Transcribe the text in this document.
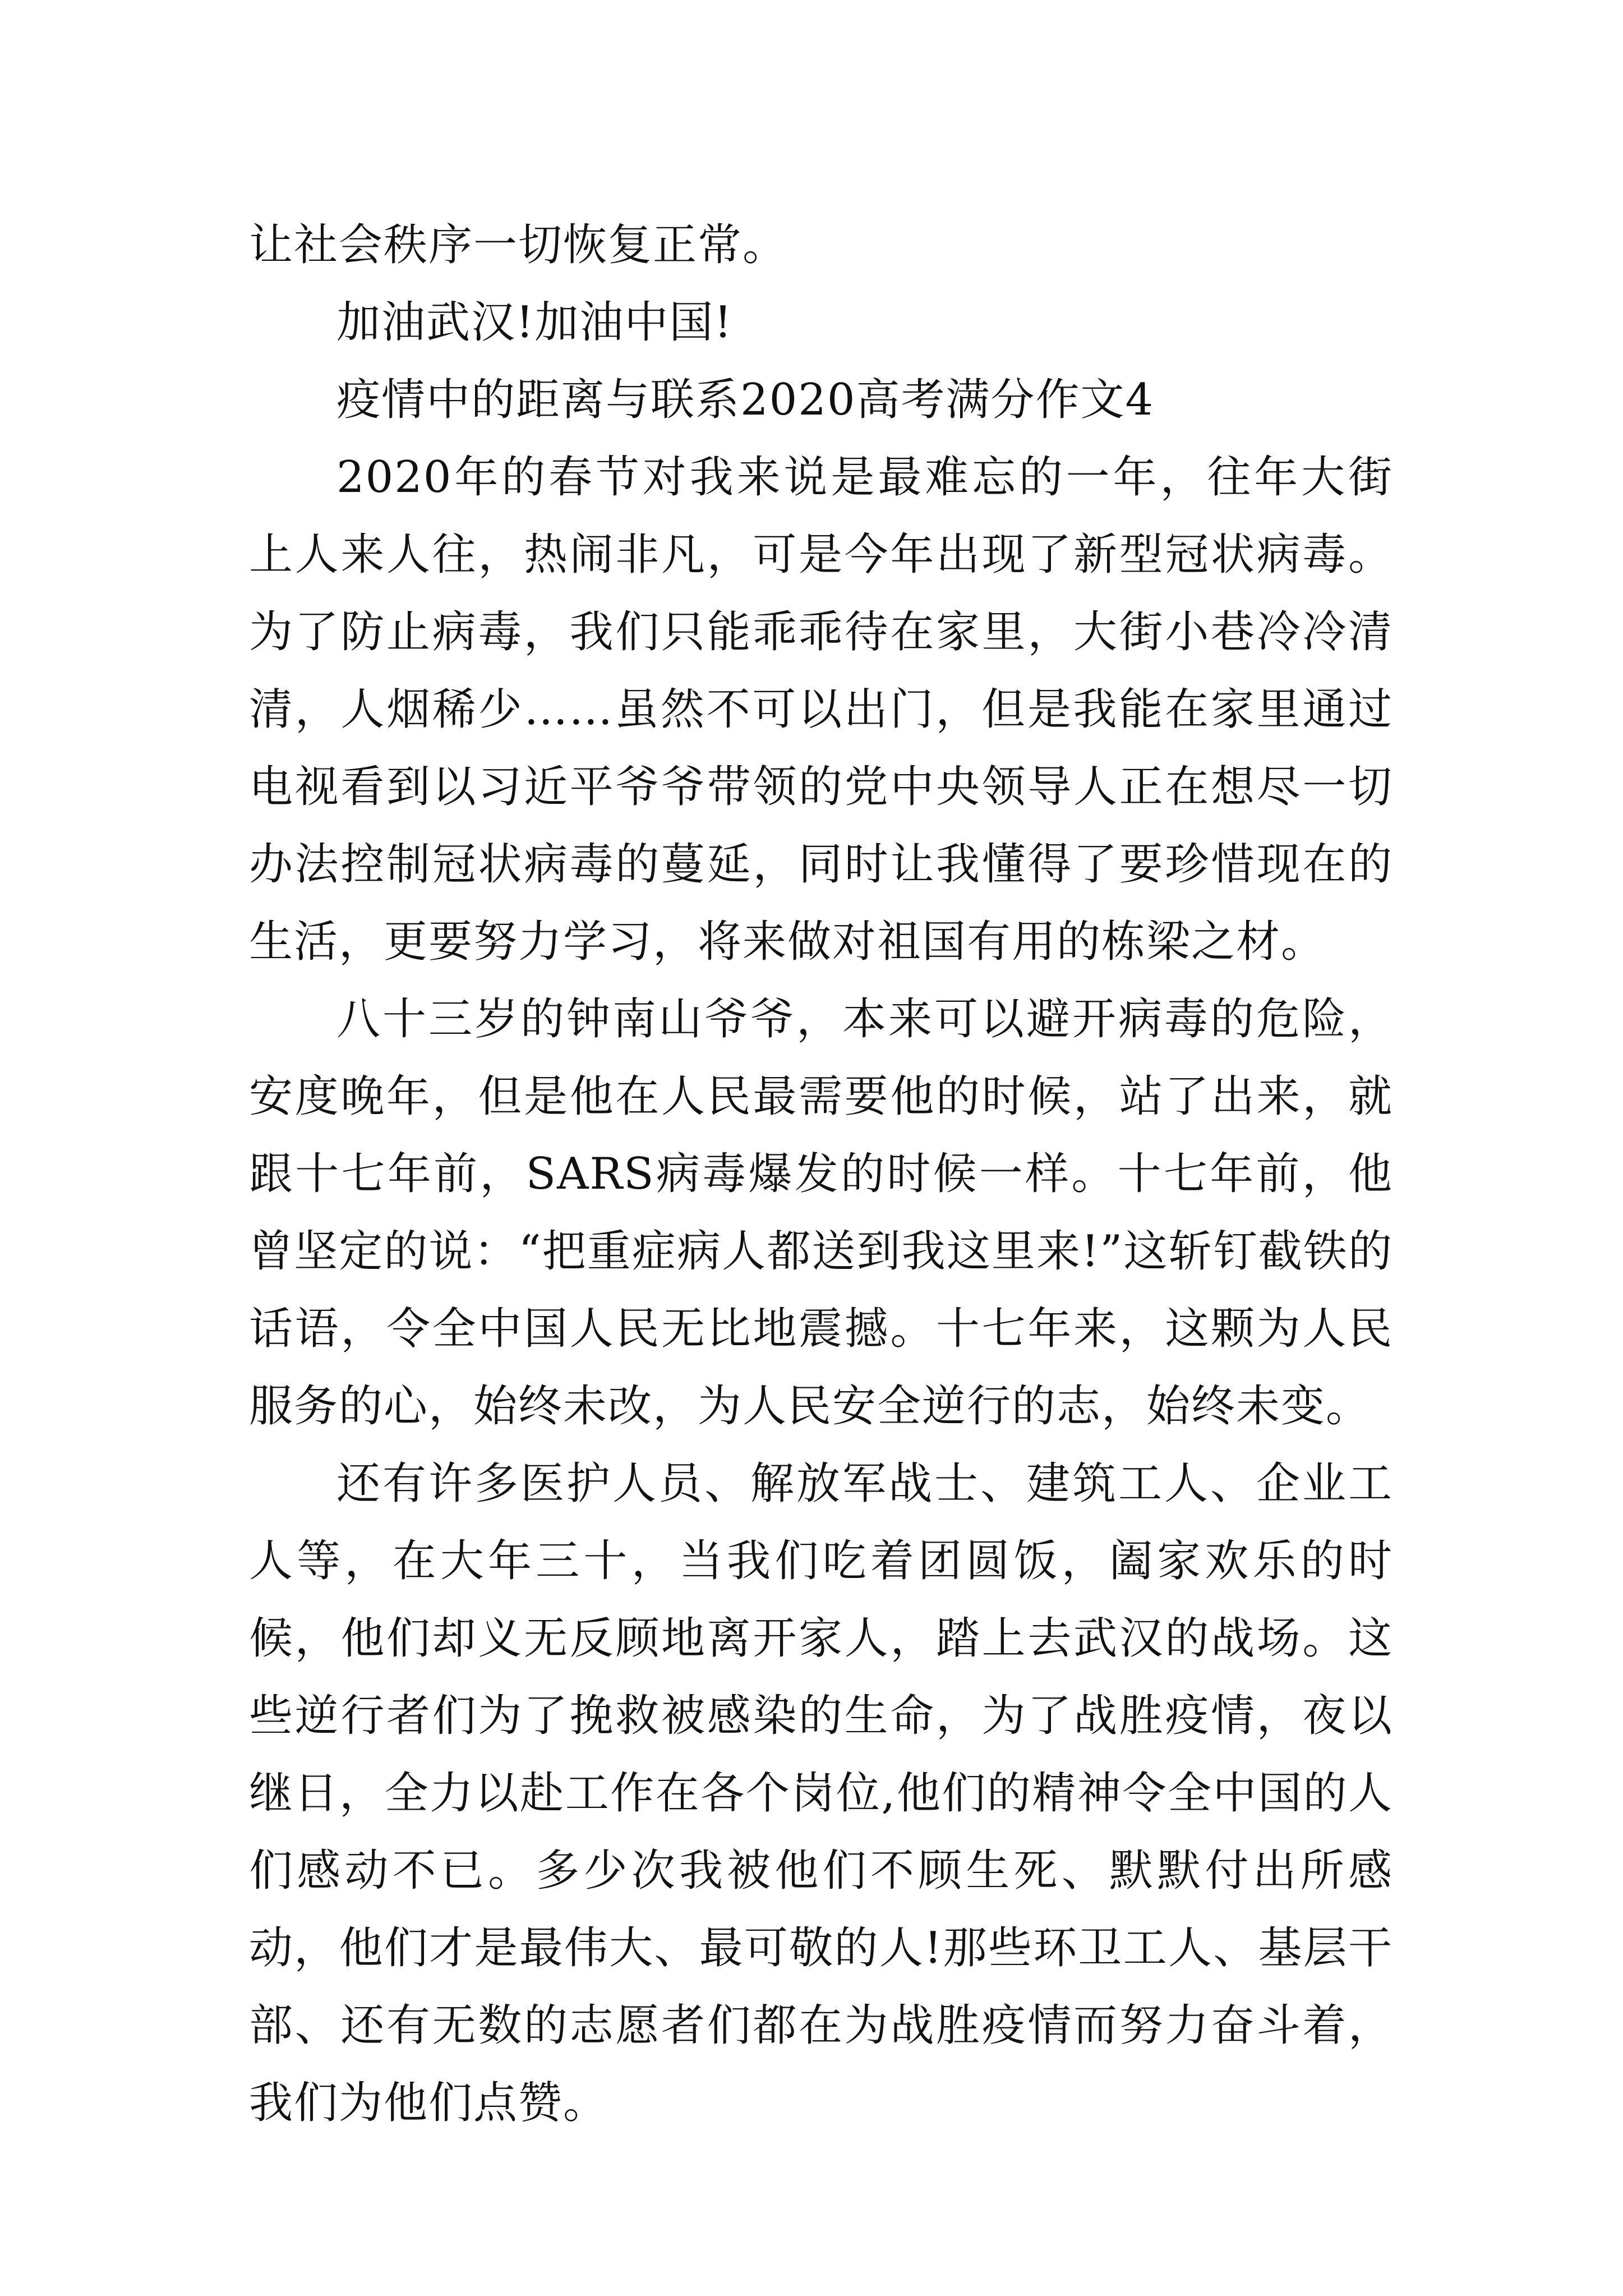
让社会秩序一切恢复正常。

加油武汉!加油中国!

疫情中的距离与联系2020高考满分作文4

2020年的春节对我来说是最难忘的一年，往年大街上人来人往，热闹非凡，可是今年出现了新型冠状病毒。为了防止病毒，我们只能乖乖待在家里，大街小巷冷冷清清，人烟稀少……虽然不可以出门，但是我能在家里通过电视看到以习近平爷爷带领的党中央领导人正在想尽一切办法控制冠状病毒的蔓延，同时让我懂得了要珍惜现在的生活，更要努力学习，将来做对祖国有用的栋梁之材。

八十三岁的钟南山爷爷，本来可以避开病毒的危险，安度晚年，但是他在人民最需要他的时候，站了出来，就跟十七年前，SARS病毒爆发的时候一样。十七年前，他曾坚定的说：“把重症病人都送到我这里来!”这斩钉截铁的话语，令全中国人民无比地震撼。十七年来，这颗为人民服务的心，始终未改，为人民安全逆行的志，始终未变。

还有许多医护人员、解放军战士、建筑工人、企业工人等，在大年三十，当我们吃着团圆饭，阖家欢乐的时候，他们却义无反顾地离开家人，踏上去武汉的战场。这些逆行者们为了挽救被感染的生命，为了战胜疫情，夜以继日，全力以赴工作在各个岗位,他们的精神令全中国的人们感动不已。多少次我被他们不顾生死、默默付出所感动，他们才是最伟大、最可敬的人!那些环卫工人、基层干部、还有无数的志愿者们都在为战胜疫情而努力奋斗着，我们为他们点赞。
